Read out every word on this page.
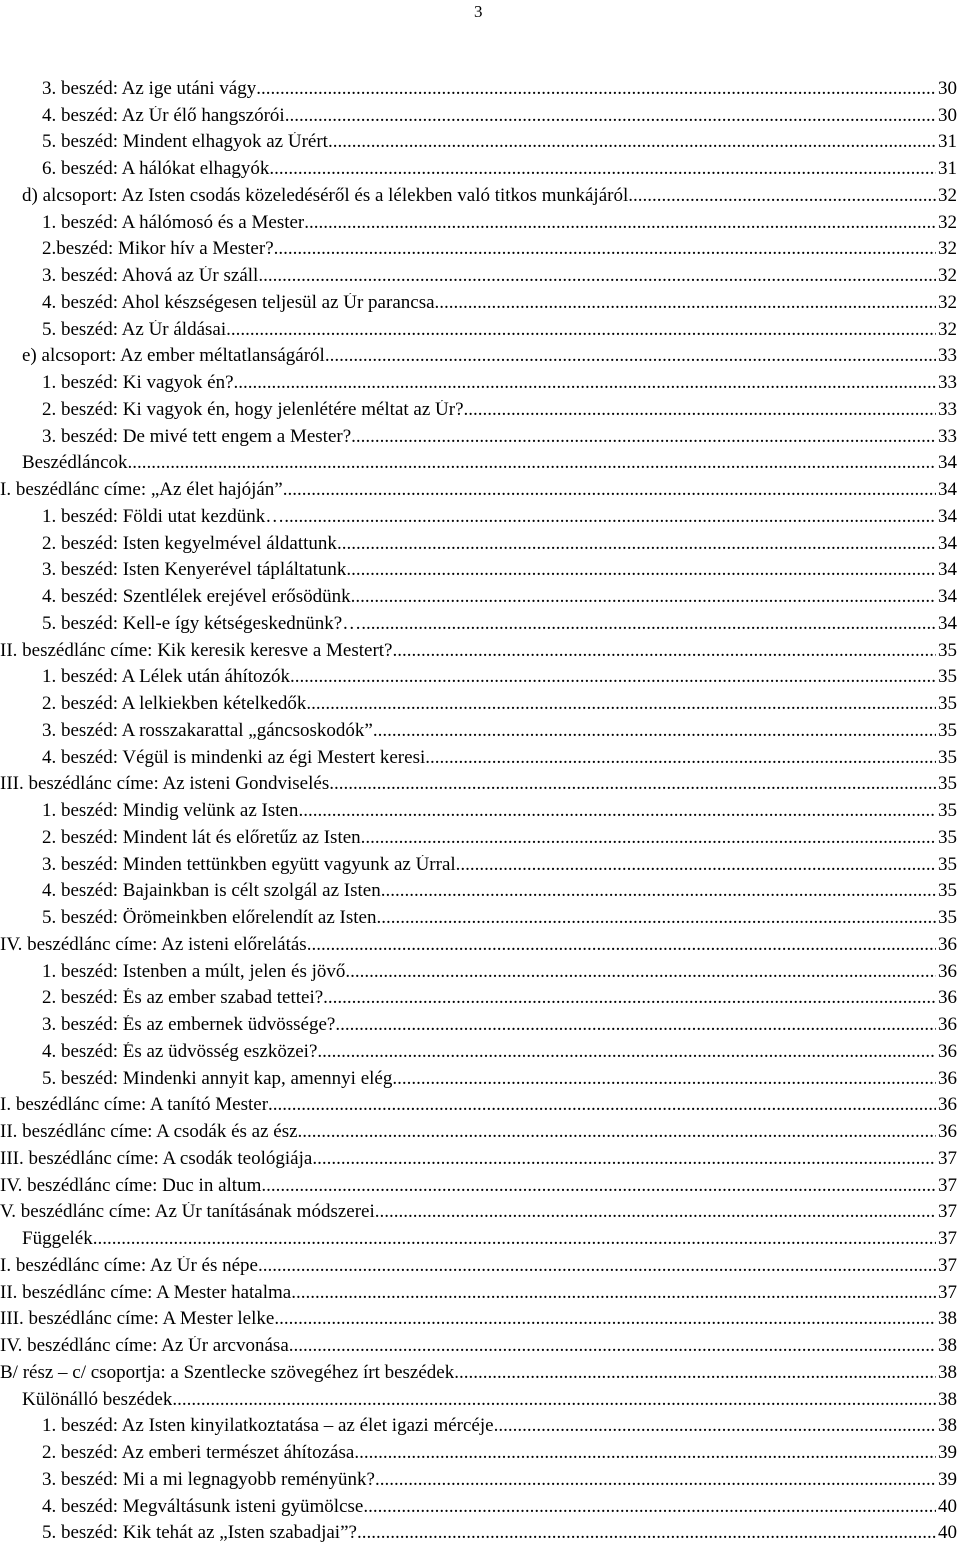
3
3. beszéd: Az ige utáni vágy .....	30
4. beszéd: Az Úr élő hangszórói .....	30
5. beszéd: Mindent elhagyok az Úrért .....	31
6. beszéd: A hálókat elhagyók... .....	31
d) alcsoport: Az Isten csodás közeledéséről és a lélekben való titkos munkájáról .....	32
1. beszéd: A hálómosó és a Mester .....	32
2.beszéd: Mikor hív a Mester? .....	32
3. beszéd: Ahová az Úr száll .....	32
4. beszéd: Ahol készségesen teljesül az Úr parancsa .....	32
5. beszéd: Az Úr áldásai .....	32
e) alcsoport: Az ember méltatlanságáról .....	33
1. beszéd: Ki vagyok én? .....	33
2. beszéd: Ki vagyok én, hogy jelenlétére méltat az Úr? .....	33
3. beszéd: De mivé tett engem a Mester? .....	33
Beszédláncok .....	34
I. beszédlánc címe: „Az élet hajóján” .....	34
1. beszéd: Földi utat kezdünk… .....	34
2. beszéd: Isten kegyelmével áldattunk .....	34
3. beszéd: Isten Kenyerével tápláltatunk .....	34
4. beszéd: Szentlélek erejével erősödünk .....	34
5. beszéd: Kell-e így kétségeskednünk?… .....	34
II. beszédlánc címe: Kik keresik keresve a Mestert? .....	35
1. beszéd: A Lélek után áhítozók .....	35
2. beszéd: A lelkiekben kételkedők .....	35
3. beszéd: A rosszakarattal „gáncsoskodók” .....	35
4. beszéd: Végül is mindenki az égi Mestert keresi .....	35
III. beszédlánc címe: Az isteni Gondviselés .....	35
1. beszéd: Mindig velünk az Isten .....	35
2. beszéd: Mindent lát és előretűz az Isten .....	35
3. beszéd: Minden tettünkben együtt vagyunk az Úrral .....	35
4. beszéd: Bajainkban is célt szolgál az Isten .....	35
5. beszéd: Örömeinkben előrelendít az Isten .....	35
IV. beszédlánc címe: Az isteni előrelátás .....	36
1. beszéd: Istenben a múlt, jelen és jövő .....	36
2. beszéd: És az ember szabad tettei? .....	36
3. beszéd: És az embernek üdvössége?... .....	36
4. beszéd: És az üdvösség eszközei?... .....	36
5. beszéd: Mindenki annyit kap, amennyi elég .....	36
I. beszédlánc címe: A tanító Mester .....	36
II. beszédlánc címe: A csodák és az ész .....	36
III. beszédlánc címe: A csodák teológiája .....	37
IV. beszédlánc címe: Duc in altum .....	37
V. beszédlánc címe: Az Úr tanításának módszerei .....	37
Függelék .....	37
I. beszédlánc címe: Az Úr és népe .....	37
II. beszédlánc címe: A Mester hatalma .....	37
III. beszédlánc címe: A Mester lelke .....	38
IV. beszédlánc címe: Az Úr arcvonása .....	38
B/ rész – c/ csoportja: a Szentlecke szövegéhez írt beszédek .....	38
Különálló beszédek .....	38
1. beszéd: Az Isten kinyilatkoztatása – az élet igazi mércéje .....	38
2. beszéd: Az emberi természet áhítozása .....	39
3. beszéd: Mi a mi legnagyobb reményünk? .....	39
4. beszéd: Megváltásunk isteni gyümölcse .....	40
5. beszéd: Kik tehát az „Isten szabadjai”? .....	40
